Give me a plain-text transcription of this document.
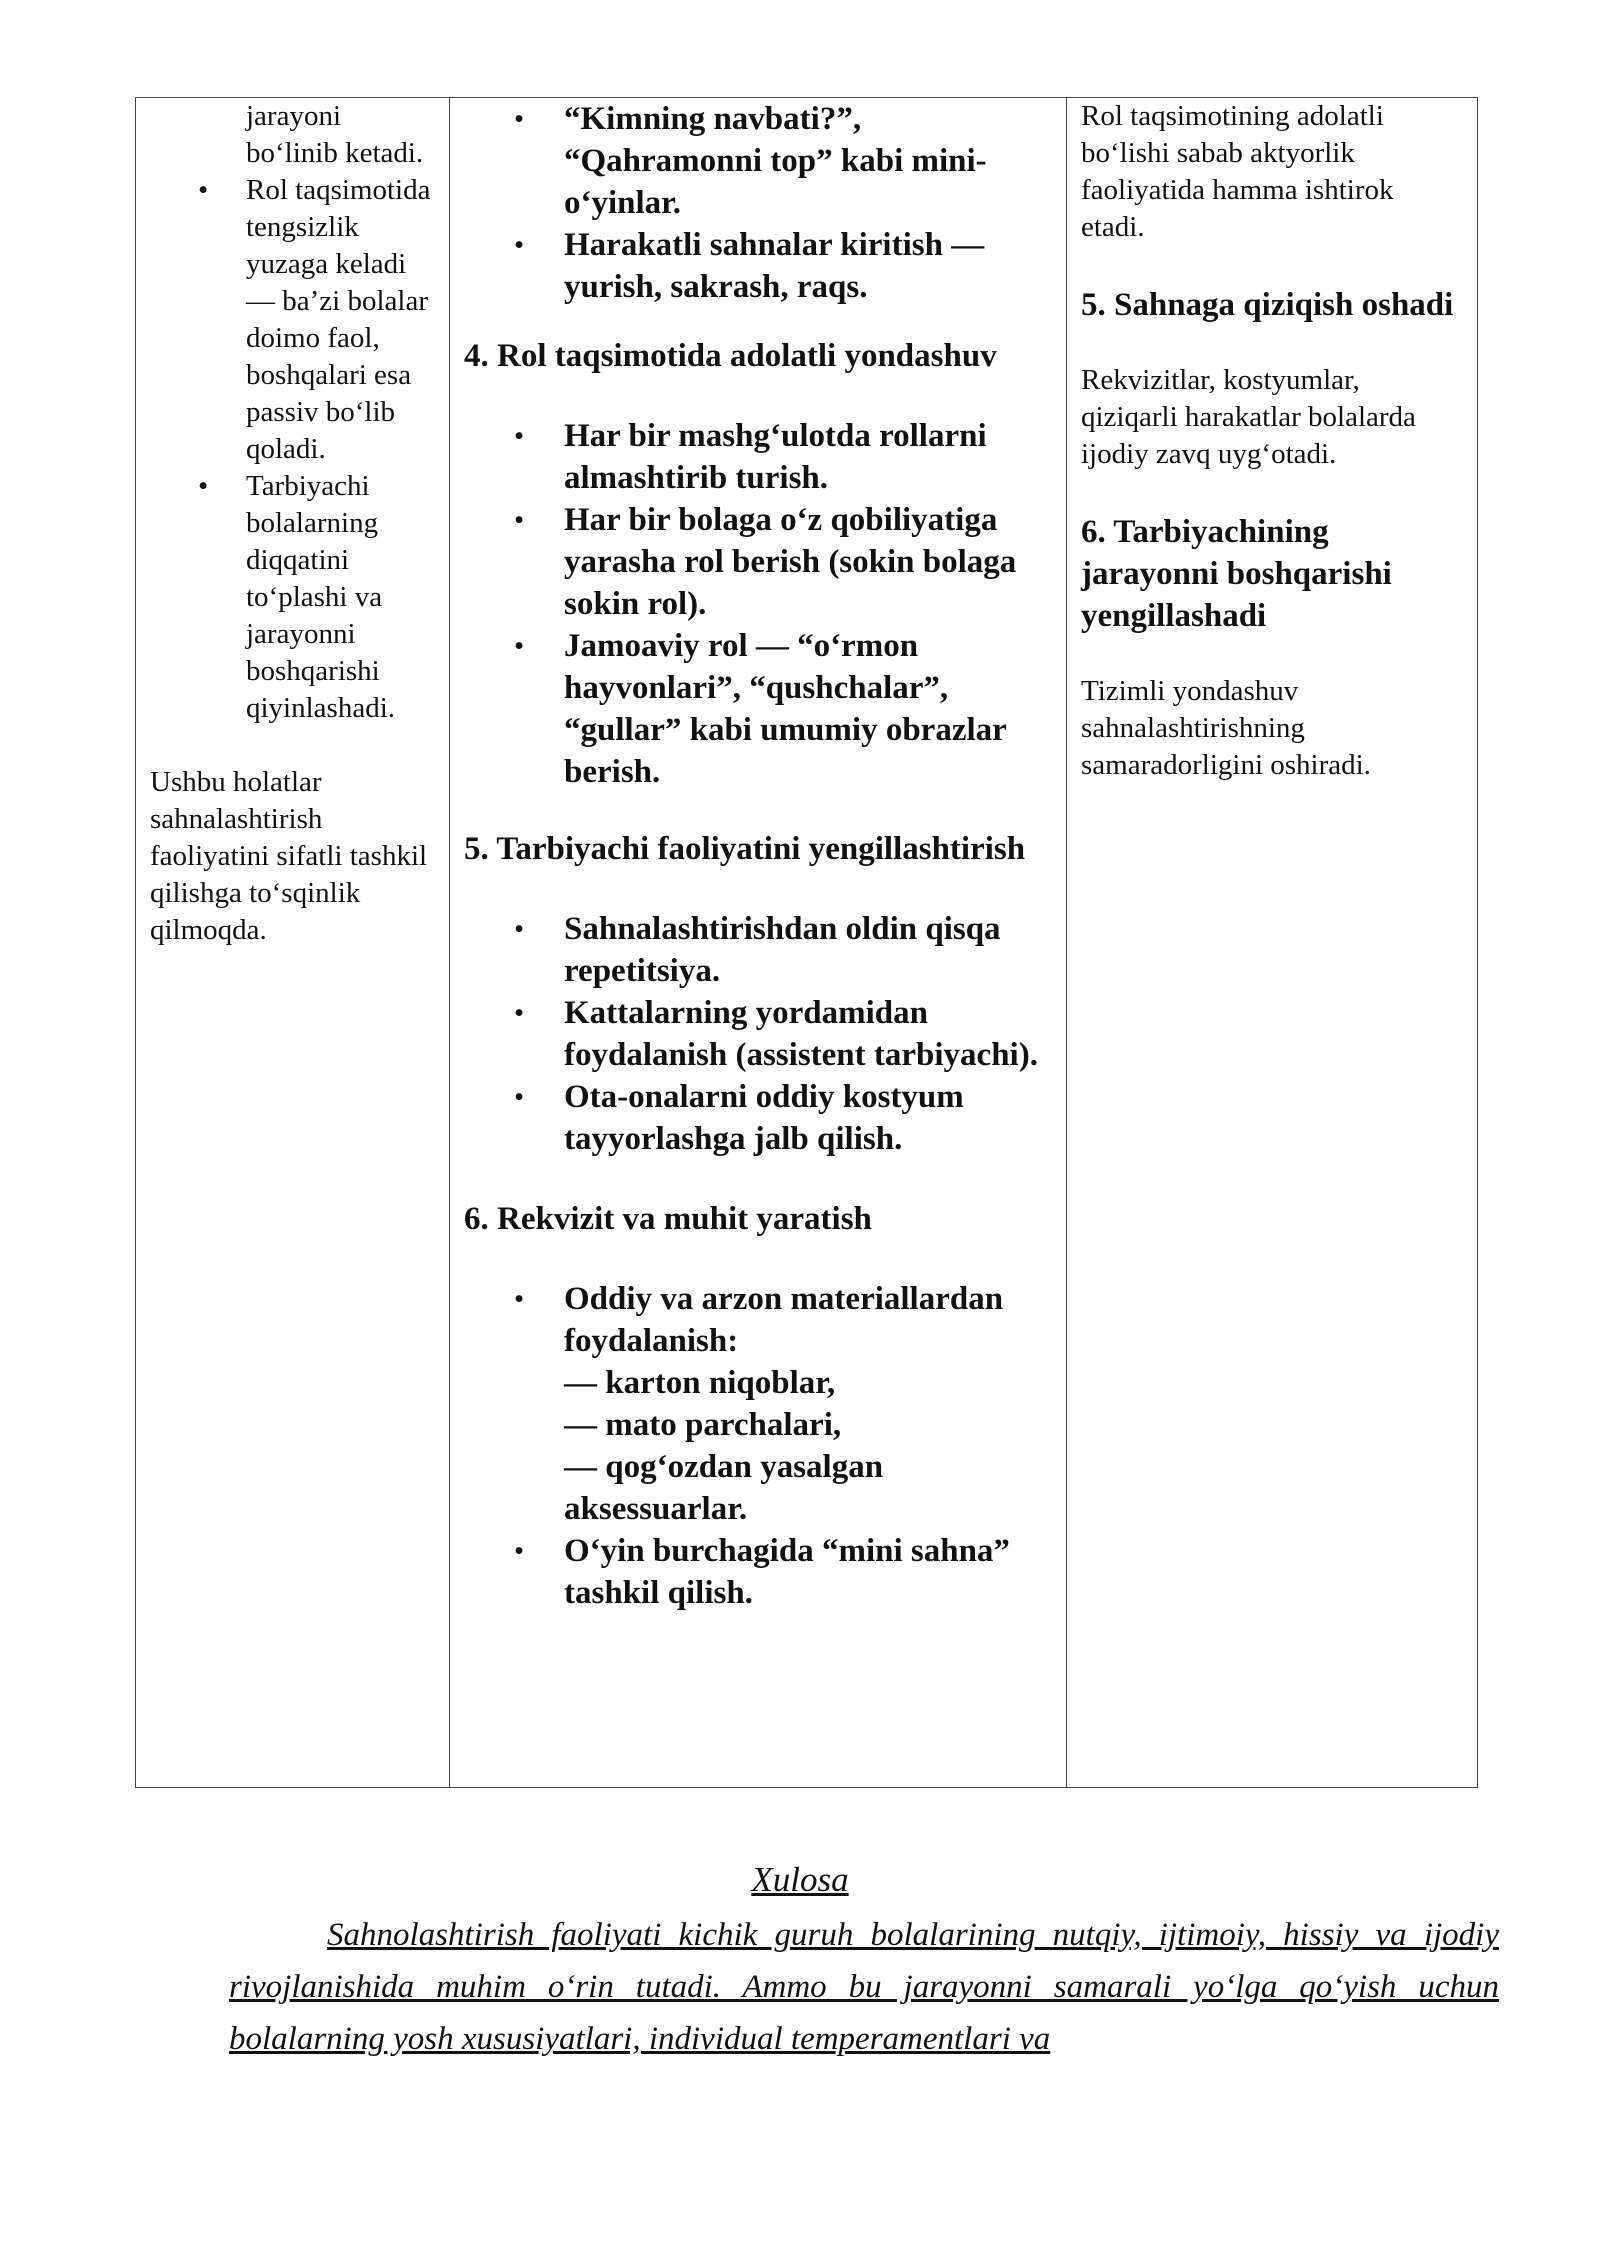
jarayoni bo‘linib ketadi.
• Rol taqsimotida tengsizlik yuzaga keladi — ba’zi bolalar doimo faol, boshqalari esa passiv bo‘lib qoladi.
• Tarbiyachi bolalarning diqqatini to‘plashi va jarayonni boshqarishi qiyinlashadi.
Ushbu holatlar sahnalashtirish faoliyatini sifatli tashkil qilishga to‘sqinlik qilmoqda.
• “Kimning navbati?”, “Qahramonni top” kabi mini-o‘yinlar.
• Harakatli sahnalar kiritish — yurish, sakrash, raqs.
4. Rol taqsimotida adolatli yondashuv
• Har bir mashg‘ulotda rollarni almashtirib turish.
• Har bir bolaga o‘z qobiliyatiga yarasha rol berish (sokin bolaga sokin rol).
• Jamoaviy rol — “o‘rmon hayvonlari”, “qushchalar”, “gullar” kabi umumiy obrazlar berish.
5. Tarbiyachi faoliyatini yengillashtirish
• Sahnalashtirishdan oldin qisqa repetitsiya.
• Kattalarning yordamidan foydalanish (assistent tarbiyachi).
• Ota-onalarni oddiy kostyum tayyorlashga jalb qilish.
6. Rekvizit va muhit yaratish
• Oddiy va arzon materiallardan foydalanish:
— karton niqoblar,
— mato parchalari,
— qog‘ozdan yasalgan aksessuarlar.
• O‘yin burchagida “mini sahna” tashkil qilish.

Rol taqsimotining adolatli bo‘lishi sabab aktyorlik faoliyatida hamma ishtirok etadi.

5. Sahnaga qiziqish oshadi

Rekvizitlar, kostyumlar, qiziqarli harakatlar bolalarda ijodiy zavq uyg‘otadi.

6. Tarbiyachining jarayonni boshqarishi yengillashadi

Tizimli yondashuv sahnalashtirishning samaradorligini oshiradi.

Xulosa

Sahnolashtirish faoliyati kichik guruh bolalarining nutqiy, ijtimoiy, hissiy va ijodiy rivojlanishida muhim o‘rin tutadi. Ammo bu jarayonni samarali yo‘lga qo‘yish uchun bolalarning yosh xususiyatlari, individual temperamentlari va
